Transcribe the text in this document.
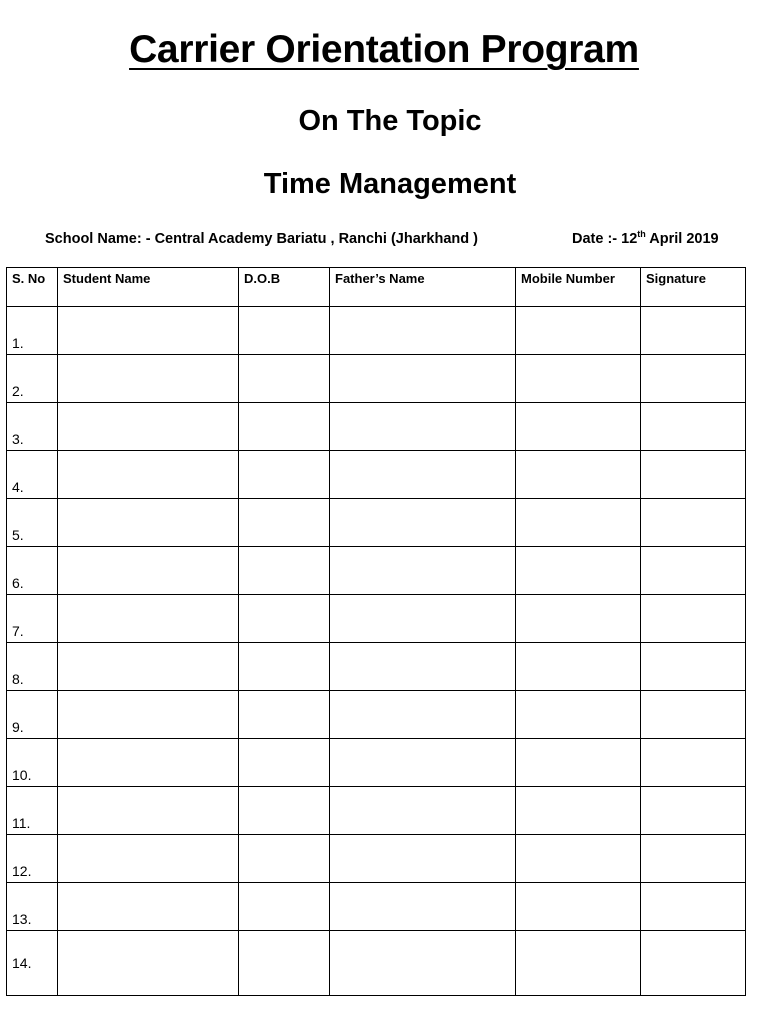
Carrier Orientation Program
On The Topic
Time Management
School Name: - Central Academy Bariatu , Ranchi (Jharkhand )	Date :- 12th April 2019
S. No	Student Name	D.O.B	Father’s Name	Mobile Number	Signature
1.					
2.					
3.					
4.					
5.					
6.					
7.					
8.					
9.					
10.					
11.					
12.					
13.					
14.					
